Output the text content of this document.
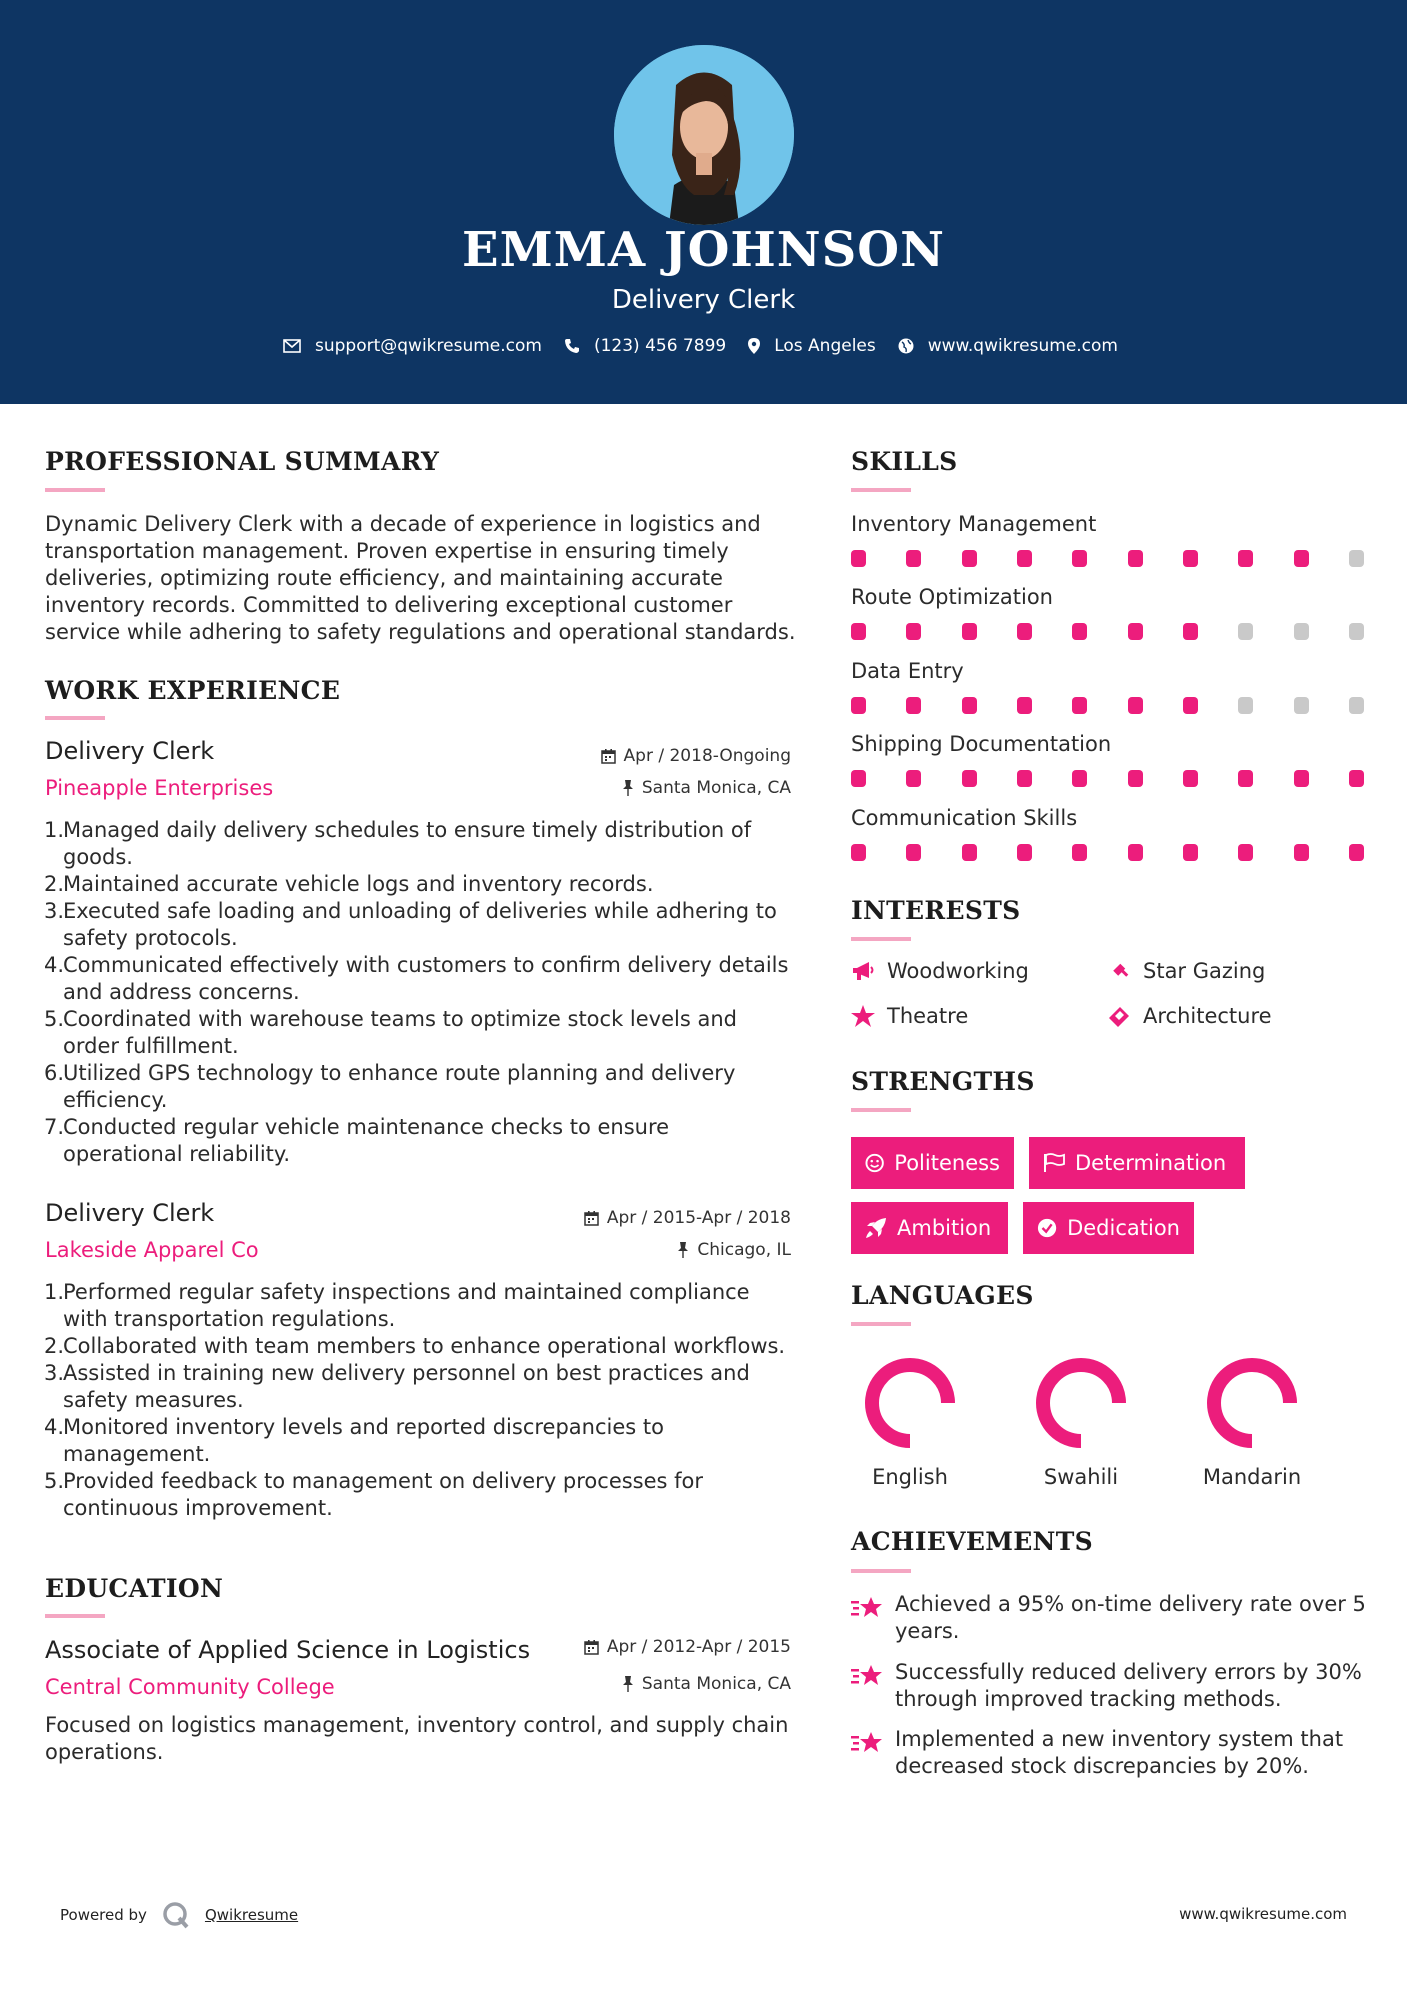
EMMA JOHNSON
Delivery Clerk
support@qwikresume.com	(123) 456 7899	Los Angeles	www.qwikresume.com
PROFESSIONAL SUMMARY
Dynamic Delivery Clerk with a decade of experience in logistics and
transportation management. Proven expertise in ensuring timely
deliveries, optimizing route efficiency, and maintaining accurate
inventory records. Committed to delivering exceptional customer
service while adhering to safety regulations and operational standards.
WORK EXPERIENCE
Delivery Clerk	Apr / 2018-Ongoing
Pineapple Enterprises	Santa Monica, CA
1.
Managed daily delivery schedules to ensure timely distribution of
goods.
2.
Maintained accurate vehicle logs and inventory records.
3.
Executed safe loading and unloading of deliveries while adhering to
safety protocols.
4.
Communicated effectively with customers to confirm delivery details
and address concerns.
5.
Coordinated with warehouse teams to optimize stock levels and
order fulfillment.
6.
Utilized GPS technology to enhance route planning and delivery
efficiency.
7.
Conducted regular vehicle maintenance checks to ensure
operational reliability.
Delivery Clerk	Apr / 2015-Apr / 2018
Lakeside Apparel Co	Chicago, IL
1.
Performed regular safety inspections and maintained compliance
with transportation regulations.
2.
Collaborated with team members to enhance operational workflows.
3.
Assisted in training new delivery personnel on best practices and
safety measures.
4.
Monitored inventory levels and reported discrepancies to
management.
5.
Provided feedback to management on delivery processes for
continuous improvement.
EDUCATION
Associate of Applied Science in Logistics	Apr / 2012-Apr / 2015
Central Community College	Santa Monica, CA
Focused on logistics management, inventory control, and supply chain
operations.
SKILLS
Inventory Management
Route Optimization
Data Entry
Shipping Documentation
Communication Skills
INTERESTS
Woodworking	Star Gazing
Theatre	Architecture
STRENGTHS
Politeness	Determination
Ambition	Dedication
LANGUAGES
English	Swahili	Mandarin
ACHIEVEMENTS
Achieved a 95% on-time delivery rate over 5
years.
Successfully reduced delivery errors by 30%
through improved tracking methods.
Implemented a new inventory system that
decreased stock discrepancies by 20%.
Powered by	Qwikresume	www.qwikresume.com
